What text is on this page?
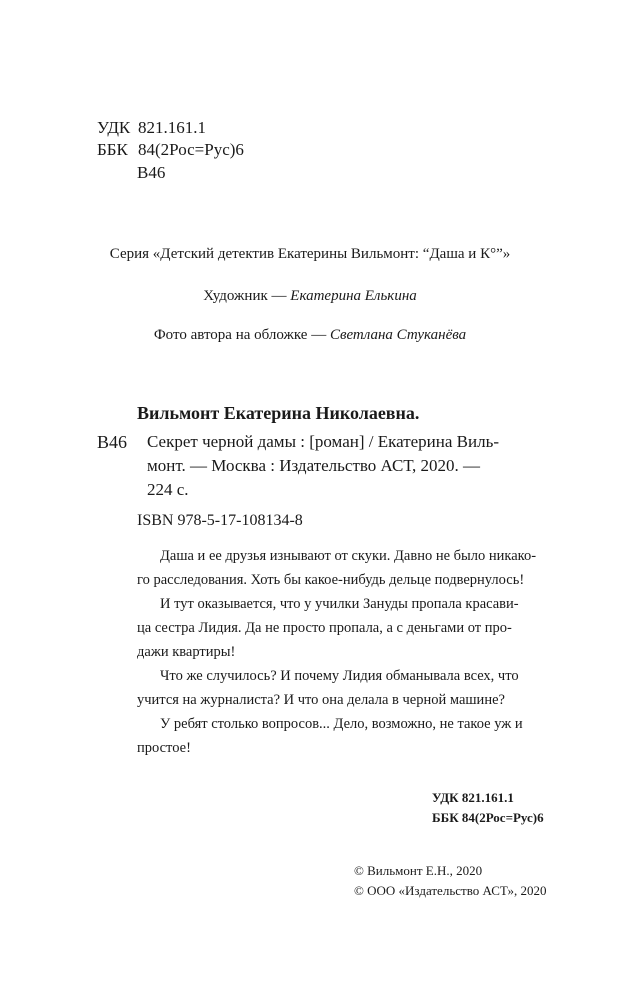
УДК 821.161.1
ББК 84(2Рос=Рус)6
В46
Серия «Детский детектив Екатерины Вильмонт: “Даша и К°”»
Художник — Екатерина Елькина
Фото автора на обложке — Светлана Стуканёва
Вильмонт Екатерина Николаевна.
В46 Секрет черной дамы : [роман] / Екатерина Виль-
монт. — Москва : Издательство АСТ, 2020. —
224 с.
ISBN 978-5-17-108134-8
Даша и ее друзья изнывают от скуки. Давно не было никако-
го расследования. Хоть бы какое-нибудь дельце подвернулось!
И тут оказывается, что у училки Зануды пропала красави-
ца сестра Лидия. Да не просто пропала, а с деньгами от про-
дажи квартиры!
Что же случилось? И почему Лидия обманывала всех, что
учится на журналиста? И что она делала в черной машине?
У ребят столько вопросов... Дело, возможно, не такое уж и
простое!
УДК 821.161.1
ББК 84(2Рос=Рус)6
© Вильмонт Е.Н., 2020
© ООО «Издательство АСТ», 2020
